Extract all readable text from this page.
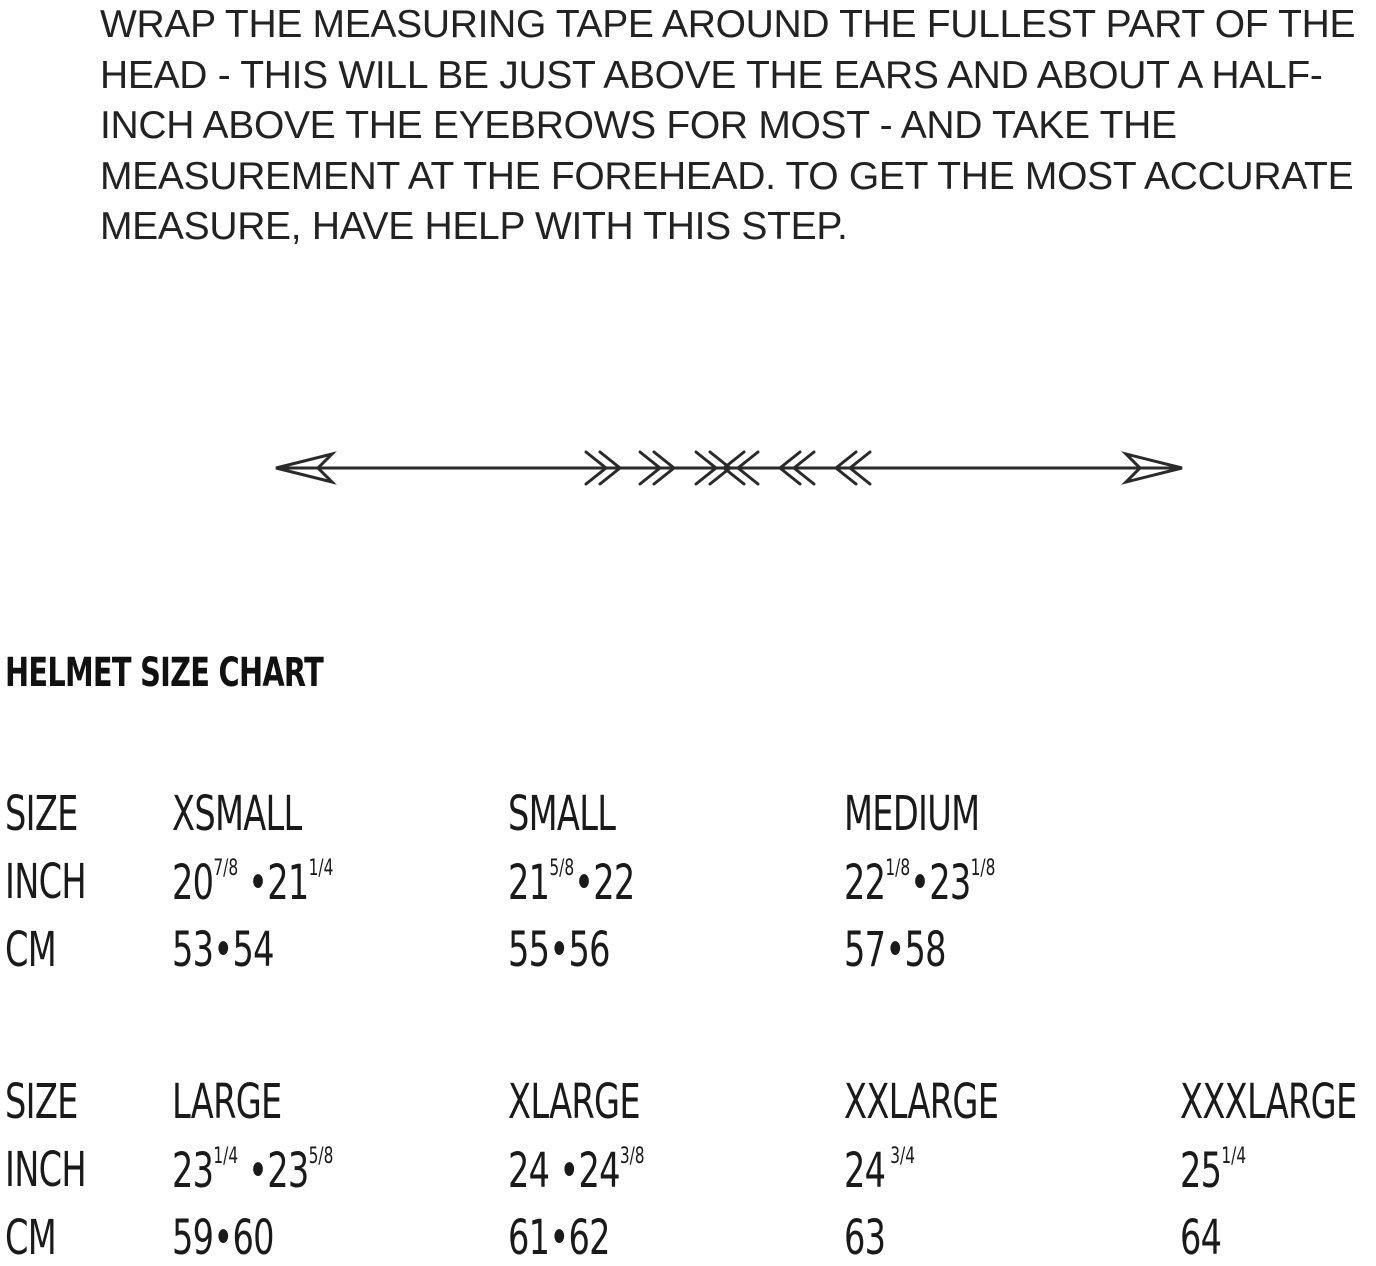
WRAP THE MEASURING TAPE AROUND THE FULLEST PART OF THE HEAD - THIS WILL BE JUST ABOVE THE EARS AND ABOUT A HALF-INCH ABOVE THE EYEBROWS FOR MOST - AND TAKE THE MEASUREMENT AT THE FOREHEAD. TO GET THE MOST ACCURATE MEASURE, HAVE HELP WITH THIS STEP.

HELMET SIZE CHART
SIZE
INCH
CM
XSMALL
$20^{7/8}$ $•21^{1/4}$
53•54
SMALL
$21^{5/8}•22$
55•56
MEDIUM
$22^{1/8}•23^{1/8}$
57•58
SIZE
INCH
CM
LARGE
$23^{1/4}$ $•23^{5/8}$
59•60
XLARGE
24 $•24^{3/8}$
61•62
XXLARGE
24 $^{3/4}$
63
XXXLARGE
$25^{1/4}$
64
